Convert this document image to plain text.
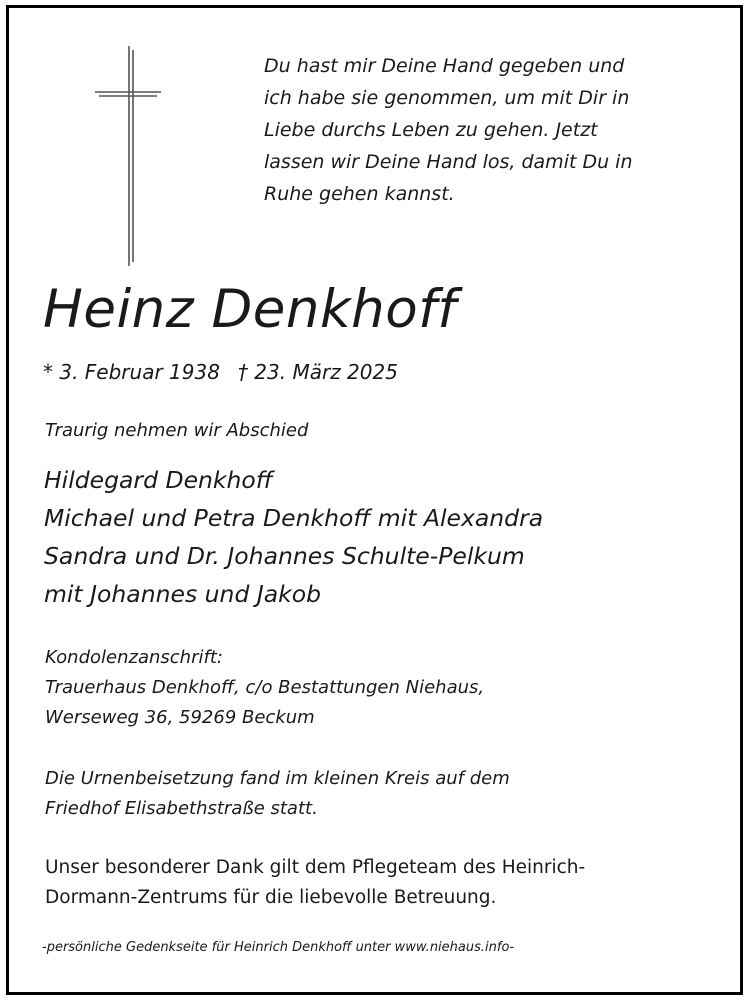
Du hast mir Deine Hand gegeben und
ich habe sie genommen, um mit Dir in
Liebe durchs Leben zu gehen. Jetzt
lassen wir Deine Hand los, damit Du in
Ruhe gehen kannst.
Heinz Denkhoff
* 3. Februar 1938 † 23. März 2025
Traurig nehmen wir Abschied
Hildegard Denkhoff
Michael und Petra Denkhoff mit Alexandra
Sandra und Dr. Johannes Schulte-Pelkum
mit Johannes und Jakob
Kondolenzanschrift:
Trauerhaus Denkhoff, c/o Bestattungen Niehaus,
Werseweg 36, 59269 Beckum
Die Urnenbeisetzung fand im kleinen Kreis auf dem
Friedhof Elisabethstraße statt.
Unser besonderer Dank gilt dem Pflegeteam des Heinrich-
Dormann-Zentrums für die liebevolle Betreuung.
-persönliche Gedenkseite für Heinrich Denkhoff unter www.niehaus.info-
